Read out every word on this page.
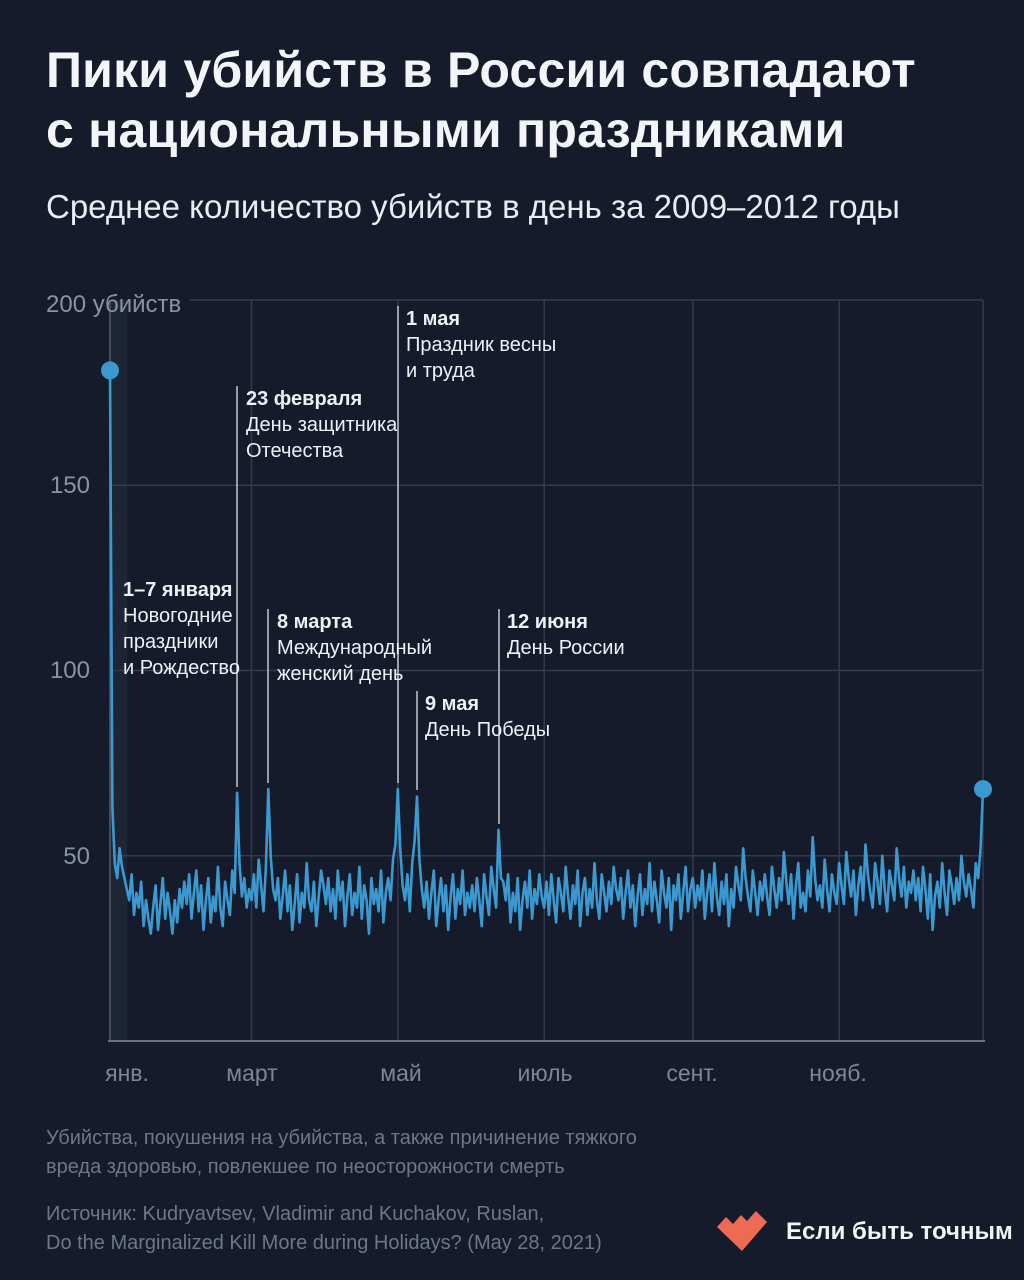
Пики убийств в России совпадают
с национальными праздниками
Среднее количество убийств в день за 2009–2012 годы
200 убийств
150
100
50
янв.	март	май	июль	сент.	нояб.
1–7 января
Новогодние
праздники
и Рождество
23 февраля
День защитника
Отечества
8 марта
Международный
женский день
1 мая
Праздник весны
и труда
9 мая
День Победы
12 июня
День России
Убийства, покушения на убийства, а также причинение тяжкого
вреда здоровью, повлекшее по неосторожности смерть
Источник: Kudryavtsev, Vladimir and Kuchakov, Ruslan,
Do the Marginalized Kill More during Holidays? (May 28, 2021)	Если быть точным
